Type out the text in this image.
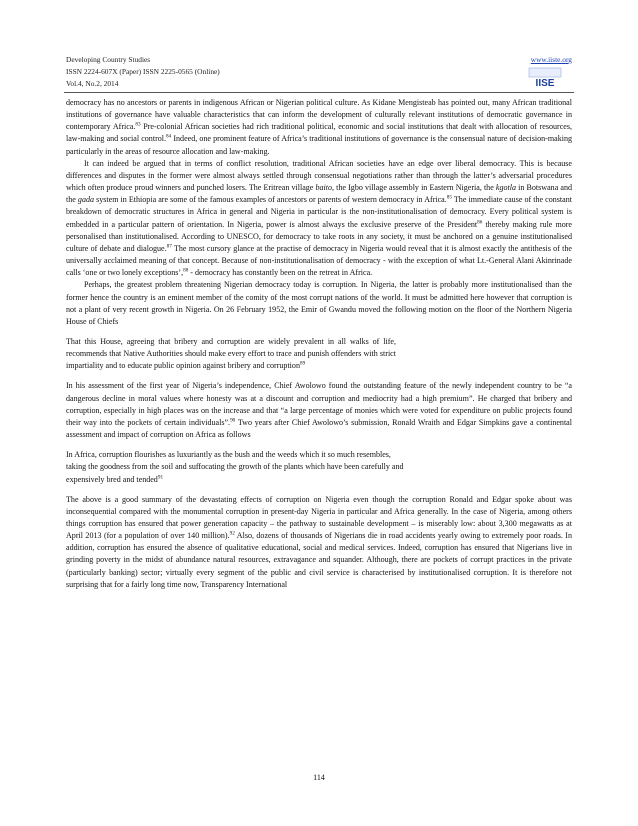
Developing Country Studies
ISSN 2224-607X (Paper) ISSN 2225-0565 (Online)
Vol.4, No.2, 2014
www.iiste.org
IISE

democracy has no ancestors or parents in indigenous African or Nigerian political culture. As Kidane Mengisteab has pointed out, many African traditional institutions of governance have valuable characteristics that can inform the development of culturally relevant institutions of democratic governance in contemporary Africa.$^{83}$ Pre-colonial African societies had rich traditional political, economic and social institutions that dealt with allocation of resources, law-making and social control.$^{84}$ Indeed, one prominent feature of Africa’s traditional institutions of governance is the consensual nature of decision-making particularly in the areas of resource allocation and law-making.

It can indeed be argued that in terms of conflict resolution, traditional African societies have an edge over liberal democracy. This is because differences and disputes in the former were almost always settled through consensual negotiations rather than through the latter’s adversarial procedures which often produce proud winners and punched losers. The Eritrean village baito, the Igbo village assembly in Eastern Nigeria, the kgotla in Botswana and the gada system in Ethiopia are some of the famous examples of ancestors or parents of western democracy in Africa.$^{85}$ The immediate cause of the constant breakdown of democratic structures in Africa in general and Nigeria in particular is the non-institutionalisation of democracy. Every political system is embedded in a particular pattern of orientation. In Nigeria, power is almost always the exclusive preserve of the President$^{86}$ thereby making rule more personalised than institutionalised. According to UNESCO, for democracy to take roots in any society, it must be anchored on a genuine institutionalised culture of debate and dialogue.$^{87}$ The most cursory glance at the practise of democracy in Nigeria would reveal that it is almost exactly the antithesis of the universally acclaimed meaning of that concept. Because of non-institutionalisation of democracy - with the exception of what Lt.-General Alani Akinrinade calls ‘one or two lonely exceptions’,$^{88}$ - democracy has constantly been on the retreat in Africa.

Perhaps, the greatest problem threatening Nigerian democracy today is corruption. In Nigeria, the latter is probably more institutionalised than the former hence the country is an eminent member of the comity of the most corrupt nations of the world. It must be admitted here however that corruption is not a plant of very recent growth in Nigeria. On 26 February 1952, the Emir of Gwandu moved the following motion on the floor of the Northern Nigeria House of Chiefs

That this House, agreeing that bribery and corruption are widely prevalent in all walks of life, recommends that Native Authorities should make every effort to trace and punish offenders with strict impartiality and to educate public opinion against bribery and corruption$^{89}$

In his assessment of the first year of Nigeria’s independence, Chief Awolowo found the outstanding feature of the newly independent country to be “a dangerous decline in moral values where honesty was at a discount and corruption and mediocrity had a high premium”. He charged that bribery and corruption, especially in high places was on the increase and that “a large percentage of monies which were voted for expenditure on public projects found their way into the pockets of certain individuals”.$^{90}$ Two years after Chief Awolowo’s submission, Ronald Wraith and Edgar Simpkins gave a continental assessment and impact of corruption on Africa as follows

In Africa, corruption flourishes as luxuriantly as the bush and the weeds which it so much resembles, taking the goodness from the soil and suffocating the growth of the plants which have been carefully and expensively bred and tended$^{91}$

The above is a good summary of the devastating effects of corruption on Nigeria even though the corruption Ronald and Edgar spoke about was inconsequential compared with the monumental corruption in present-day Nigeria in particular and Africa generally. In the case of Nigeria, among others things corruption has ensured that power generation capacity – the pathway to sustainable development – is miserably low: about 3,300 megawatts as at April 2013 (for a population of over 140 million).$^{92}$ Also, dozens of thousands of Nigerians die in road accidents yearly owing to extremely poor roads. In addition, corruption has ensured the absence of qualitative educational, social and medical services. Indeed, corruption has ensured that Nigerians live in grinding poverty in the midst of abundance natural resources, extravagance and squander. Although, there are pockets of corrupt practices in the private (particularly banking) sector; virtually every segment of the public and civil service is characterised by institutionalised corruption. It is therefore not surprising that for a fairly long time now, Transparency International

114
